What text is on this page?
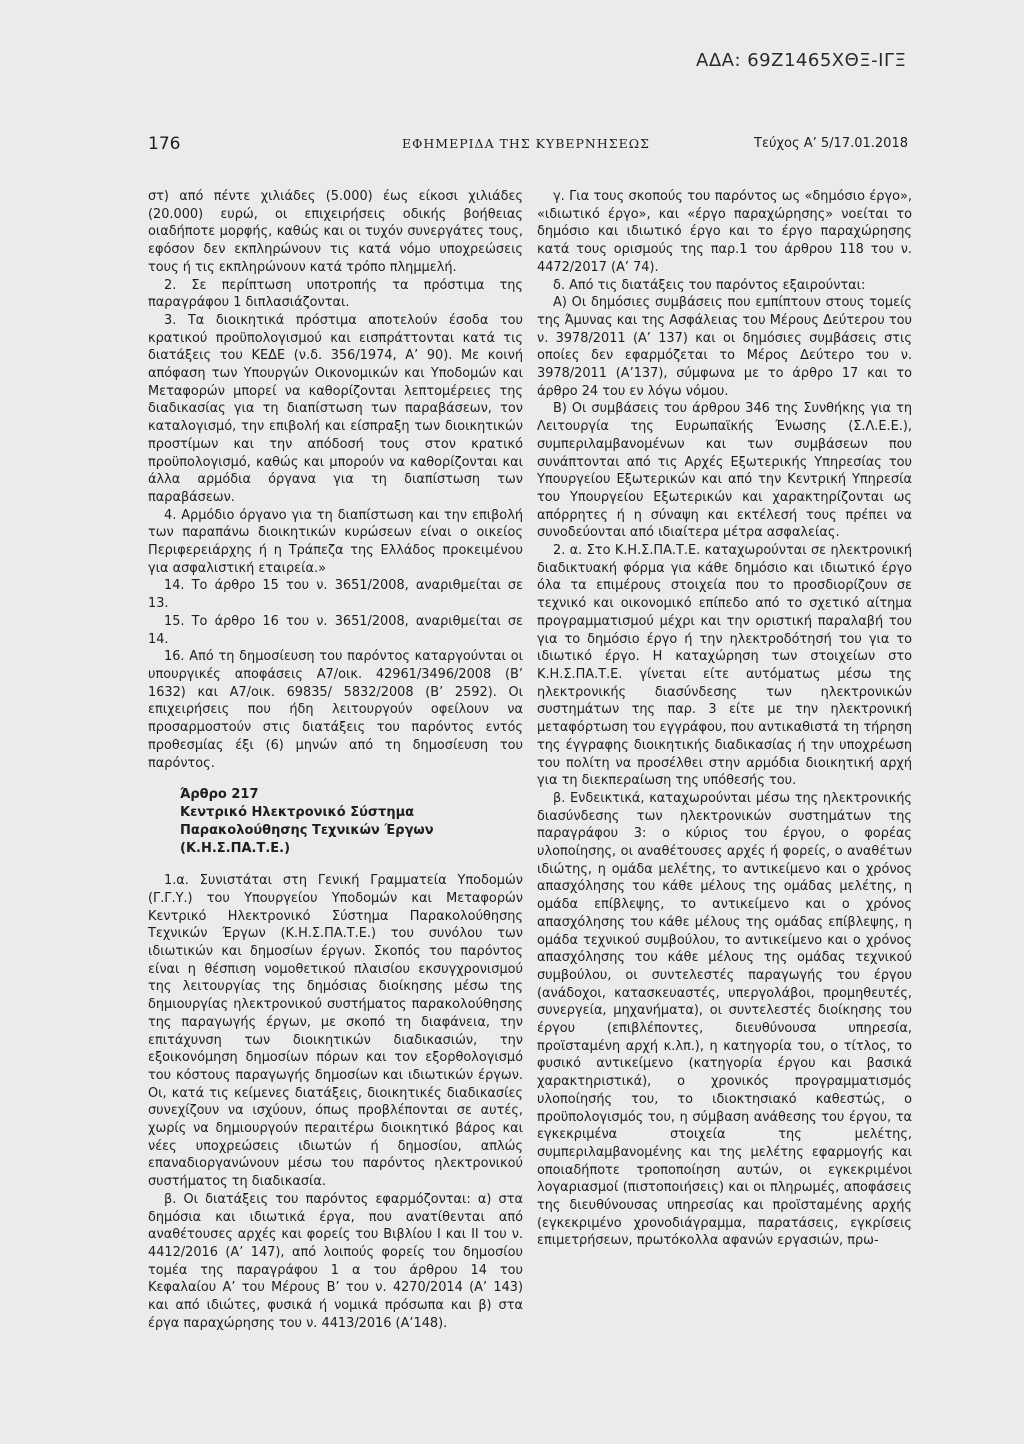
ΑΔΑ: 69Ζ1465ΧΘΞ-ΙΓΞ
176	ΕΦΗΜΕΡΙΔΑ ΤΗΣ ΚΥΒΕΡΝΗΣΕΩΣ	Τεύχος Α’ 5/17.01.2018

στ) από πέντε χιλιάδες (5.000) έως είκοσι χιλιάδες (20.000) ευρώ, οι επιχειρήσεις οδικής βοήθειας οιαδήποτε μορφής, καθώς και οι τυχόν συνεργάτες τους, εφόσον δεν εκπληρώνουν τις κατά νόμο υποχρεώσεις τους ή τις εκπληρώνουν κατά τρόπο πλημμελή.

2. Σε περίπτωση υποτροπής τα πρόστιμα της παραγράφου 1 διπλασιάζονται.

3. Τα διοικητικά πρόστιμα αποτελούν έσοδα του κρατικού προϋπολογισμού και εισπράττονται κατά τις διατάξεις του ΚΕΔΕ (ν.δ. 356/1974, Α’ 90). Με κοινή απόφαση των Υπουργών Οικονομικών και Υποδομών και Μεταφορών μπορεί να καθορίζονται λεπτομέρειες της διαδικασίας για τη διαπίστωση των παραβάσεων, τον καταλογισμό, την επιβολή και είσπραξη των διοικητικών προστίμων και την απόδοσή τους στον κρατικό προϋπολογισμό, καθώς και μπορούν να καθορίζονται και άλλα αρμόδια όργανα για τη διαπίστωση των παραβάσεων.

4. Αρμόδιο όργανο για τη διαπίστωση και την επιβολή των παραπάνω διοικητικών κυρώσεων είναι ο οικείος Περιφερειάρχης ή η Τράπεζα της Ελλάδος προκειμένου για ασφαλιστική εταιρεία.»

14. Το άρθρο 15 του ν. 3651/2008, αναριθμείται σε 13.

15. Το άρθρο 16 του ν. 3651/2008, αναριθμείται σε 14.

16. Από τη δημοσίευση του παρόντος καταργούνται οι υπουργικές αποφάσεις Α7/οικ. 42961/3496/2008 (Β’ 1632) και Α7/οικ. 69835/ 5832/2008 (Β’ 2592). Οι επιχειρήσεις που ήδη λειτουργούν οφείλουν να προσαρμοστούν στις διατάξεις του παρόντος εντός προθεσμίας έξι (6) μηνών από τη δημοσίευση του παρόντος.

Άρθρο 217
Κεντρικό Ηλεκτρονικό Σύστημα
Παρακολούθησης Τεχνικών Έργων
(Κ.Η.Σ.ΠΑ.Τ.Ε.)

1.α. Συνιστάται στη Γενική Γραμματεία Υποδομών (Γ.Γ.Υ.) του Υπουργείου Υποδομών και Μεταφορών Κεντρικό Ηλεκτρονικό Σύστημα Παρακολούθησης Τεχνικών Έργων (Κ.Η.Σ.ΠΑ.Τ.Ε.) του συνόλου των ιδιωτικών και δημοσίων έργων. Σκοπός του παρόντος είναι η θέσπιση νομοθετικού πλαισίου εκσυγχρονισμού της λειτουργίας της δημόσιας διοίκησης μέσω της δημιουργίας ηλεκτρονικού συστήματος παρακολούθησης της παραγωγής έργων, με σκοπό τη διαφάνεια, την επιτάχυνση των διοικητικών διαδικασιών, την εξοικονόμηση δημοσίων πόρων και τον εξορθολογισμό του κόστους παραγωγής δημοσίων και ιδιωτικών έργων. Οι, κατά τις κείμενες διατάξεις, διοικητικές διαδικασίες συνεχίζουν να ισχύουν, όπως προβλέπονται σε αυτές, χωρίς να δημιουργούν περαιτέρω διοικητικό βάρος και νέες υποχρεώσεις ιδιωτών ή δημοσίου, απλώς επαναδιοργανώνουν μέσω του παρόντος ηλεκτρονικού συστήματος τη διαδικασία.

β. Οι διατάξεις του παρόντος εφαρμόζονται: α) στα δημόσια και ιδιωτικά έργα, που ανατίθενται από αναθέτουσες αρχές και φορείς του Βιβλίου Ι και ΙΙ του ν. 4412/2016 (Α’ 147), από λοιπούς φορείς του δημοσίου τομέα της παραγράφου 1 α του άρθρου 14 του Κεφαλαίου Α’ του Μέρους Β’ του ν. 4270/2014 (Α’ 143) και από ιδιώτες, φυσικά ή νομικά πρόσωπα και β) στα έργα παραχώρησης του ν. 4413/2016 (Α’148).

γ. Για τους σκοπούς του παρόντος ως «δημόσιο έργο», «ιδιωτικό έργο», και «έργο παραχώρησης» νοείται το δημόσιο και ιδιωτικό έργο και το έργο παραχώρησης κατά τους ορισμούς της παρ.1 του άρθρου 118 του ν. 4472/2017 (Α’ 74).

δ. Από τις διατάξεις του παρόντος εξαιρούνται:

Α) Οι δημόσιες συμβάσεις που εμπίπτουν στους τομείς της Άμυνας και της Ασφάλειας του Μέρους Δεύτερου του ν. 3978/2011 (Α’ 137) και οι δημόσιες συμβάσεις στις οποίες δεν εφαρμόζεται το Μέρος Δεύτερο του ν. 3978/2011 (Α’137), σύμφωνα με το άρθρο 17 και το άρθρο 24 του εν λόγω νόμου.

Β) Οι συμβάσεις του άρθρου 346 της Συνθήκης για τη Λειτουργία της Ευρωπαϊκής Ένωσης (Σ.Λ.Ε.Ε.), συμπεριλαμβανομένων και των συμβάσεων που συνάπτονται από τις Αρχές Εξωτερικής Υπηρεσίας του Υπουργείου Εξωτερικών και από την Κεντρική Υπηρεσία του Υπουργείου Εξωτερικών και χαρακτηρίζονται ως απόρρητες ή η σύναψη και εκτέλεσή τους πρέπει να συνοδεύονται από ιδιαίτερα μέτρα ασφαλείας.

2. α. Στο Κ.Η.Σ.ΠΑ.Τ.Ε. καταχωρούνται σε ηλεκτρονική διαδικτυακή φόρμα για κάθε δημόσιο και ιδιωτικό έργο όλα τα επιμέρους στοιχεία που το προσδιορίζουν σε τεχνικό και οικονομικό επίπεδο από το σχετικό αίτημα προγραμματισμού μέχρι και την οριστική παραλαβή του για το δημόσιο έργο ή την ηλεκτροδότησή του για το ιδιωτικό έργο. Η καταχώρηση των στοιχείων στο Κ.Η.Σ.ΠΑ.Τ.Ε. γίνεται είτε αυτόματως μέσω της ηλεκτρονικής διασύνδεσης των ηλεκτρονικών συστημάτων της παρ. 3 είτε με την ηλεκτρονική μεταφόρτωση του εγγράφου, που αντικαθιστά τη τήρηση της έγγραφης διοικητικής διαδικασίας ή την υποχρέωση του πολίτη να προσέλθει στην αρμόδια διοικητική αρχή για τη διεκπεραίωση της υπόθεσής του.

β. Ενδεικτικά, καταχωρούνται μέσω της ηλεκτρονικής διασύνδεσης των ηλεκτρονικών συστημάτων της παραγράφου 3: ο κύριος του έργου, ο φορέας υλοποίησης, οι αναθέτουσες αρχές ή φορείς, ο αναθέτων ιδιώτης, η ομάδα μελέτης, το αντικείμενο και ο χρόνος απασχόλησης του κάθε μέλους της ομάδας μελέτης, η ομάδα επίβλεψης, το αντικείμενο και ο χρόνος απασχόλησης του κάθε μέλους της ομάδας επίβλεψης, η ομάδα τεχνικού συμβούλου, το αντικείμενο και ο χρόνος απασχόλησης του κάθε μέλους της ομάδας τεχνικού συμβούλου, οι συντελεστές παραγωγής του έργου (ανάδοχοι, κατασκευαστές, υπεργολάβοι, προμηθευτές, συνεργεία, μηχανήματα), οι συντελεστές διοίκησης του έργου (επιβλέποντες, διευθύνουσα υπηρεσία, προϊσταμένη αρχή κ.λπ.), η κατηγορία του, ο τίτλος, το φυσικό αντικείμενο (κατηγορία έργου και βασικά χαρακτηριστικά), ο χρονικός προγραμματισμός υλοποίησής του, το ιδιοκτησιακό καθεστώς, ο προϋπολογισμός του, η σύμβαση ανάθεσης του έργου, τα εγκεκριμένα στοιχεία της μελέτης, συμπεριλαμβανομένης και της μελέτης εφαρμογής και οποιαδήποτε τροποποίηση αυτών, οι εγκεκριμένοι λογαριασμοί (πιστοποιήσεις) και οι πληρωμές, αποφάσεις της διευθύνουσας υπηρεσίας και προϊσταμένης αρχής (εγκεκριμένο χρονοδιάγραμμα, παρατάσεις, εγκρίσεις επιμετρήσεων, πρωτόκολλα αφανών εργασιών, πρω-
